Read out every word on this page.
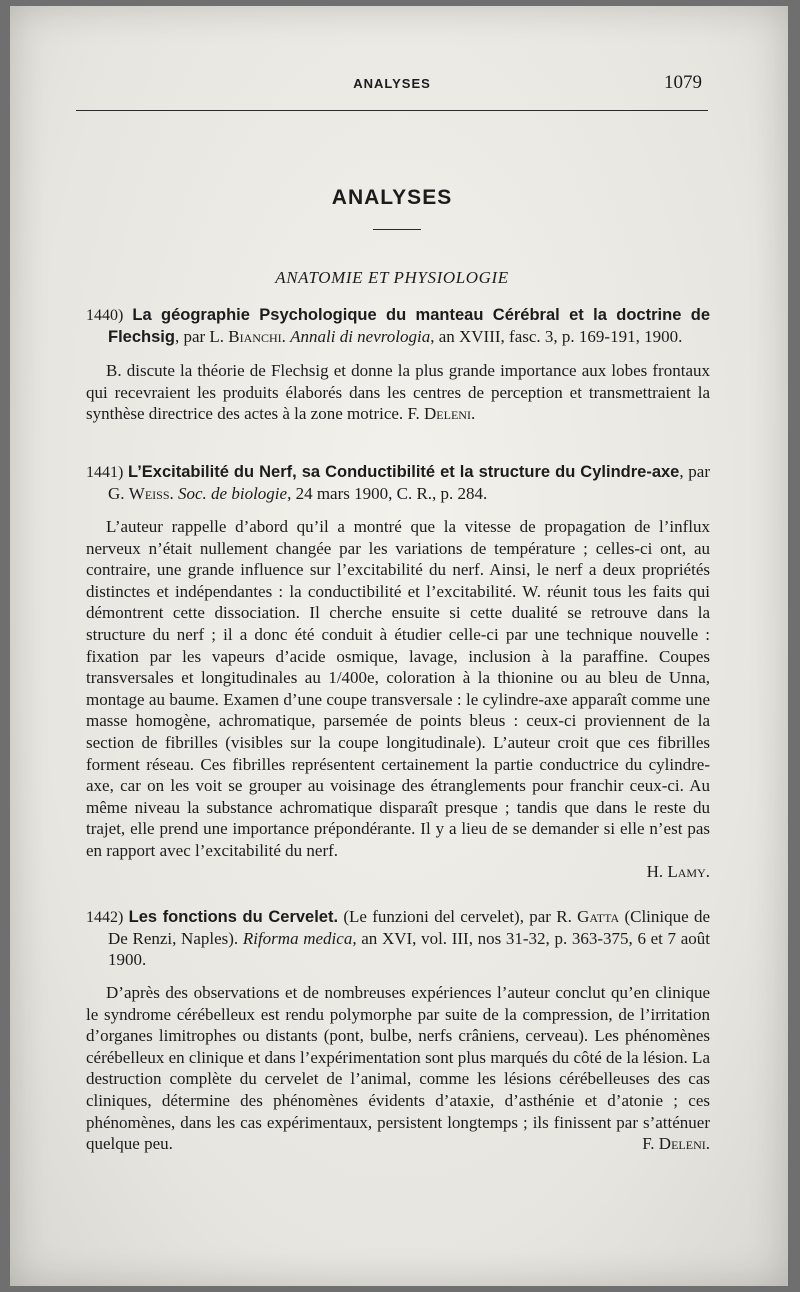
ANALYSES	1079
ANALYSES
ANATOMIE ET PHYSIOLOGIE
1440) La géographie Psychologique du manteau Cérébral et la doctrine de Flechsig, par L. Bianchi. Annali di nevrologia, an XVIII, fasc. 3, p. 169-191, 1900.

B. discute la théorie de Flechsig et donne la plus grande importance aux lobes frontaux qui recevraient les produits élaborés dans les centres de perception et transmettraient la synthèse directrice des actes à la zone motrice. F. Deleni.

1441) L’Excitabilité du Nerf, sa Conductibilité et la structure du Cylindre-axe, par G. Weiss. Soc. de biologie, 24 mars 1900, C. R., p. 284.

L’auteur rappelle d’abord qu’il a montré que la vitesse de propagation de l’influx nerveux n’était nullement changée par les variations de température ; celles-ci ont, au contraire, une grande influence sur l’excitabilité du nerf. Ainsi, le nerf a deux propriétés distinctes et indépendantes : la conductibilité et l’excitabilité. W. réunit tous les faits qui démontrent cette dissociation. Il cherche ensuite si cette dualité se retrouve dans la structure du nerf ; il a donc été conduit à étudier celle-ci par une technique nouvelle : fixation par les vapeurs d’acide osmique, lavage, inclusion à la paraffine. Coupes transversales et longitudinales au 1/400e, coloration à la thionine ou au bleu de Unna, montage au baume. Examen d’une coupe transversale : le cylindre-axe apparaît comme une masse homogène, achromatique, parsemée de points bleus : ceux-ci proviennent de la section de fibrilles (visibles sur la coupe longitudinale). L’auteur croit que ces fibrilles forment réseau. Ces fibrilles représentent certainement la partie conductrice du cylindre-axe, car on les voit se grouper au voisinage des étranglements pour franchir ceux-ci. Au même niveau la substance achromatique disparaît presque ; tandis que dans le reste du trajet, elle prend une importance prépondérante. Il y a lieu de se demander si elle n’est pas en rapport avec l’excitabilité du nerf.

H. Lamy.
1442) Les fonctions du Cervelet. (Le funzioni del cervelet), par R. Gatta (Clinique de De Renzi, Naples). Riforma medica, an XVI, vol. III, nos 31-32, p. 363-375, 6 et 7 août 1900.

D’après des observations et de nombreuses expériences l’auteur conclut qu’en clinique le syndrome cérébelleux est rendu polymorphe par suite de la compression, de l’irritation d’organes limitrophes ou distants (pont, bulbe, nerfs crâniens, cerveau). Les phénomènes cérébelleux en clinique et dans l’expérimentation sont plus marqués du côté de la lésion. La destruction complète du cervelet de l’animal, comme les lésions cérébelleuses des cas cliniques, détermine des phénomènes évidents d’ataxie, d’asthénie et d’atonie ; ces phénomènes, dans les cas expérimentaux, persistent longtemps ; ils finissent par s’atténuer quelque peu.	F. Deleni.
